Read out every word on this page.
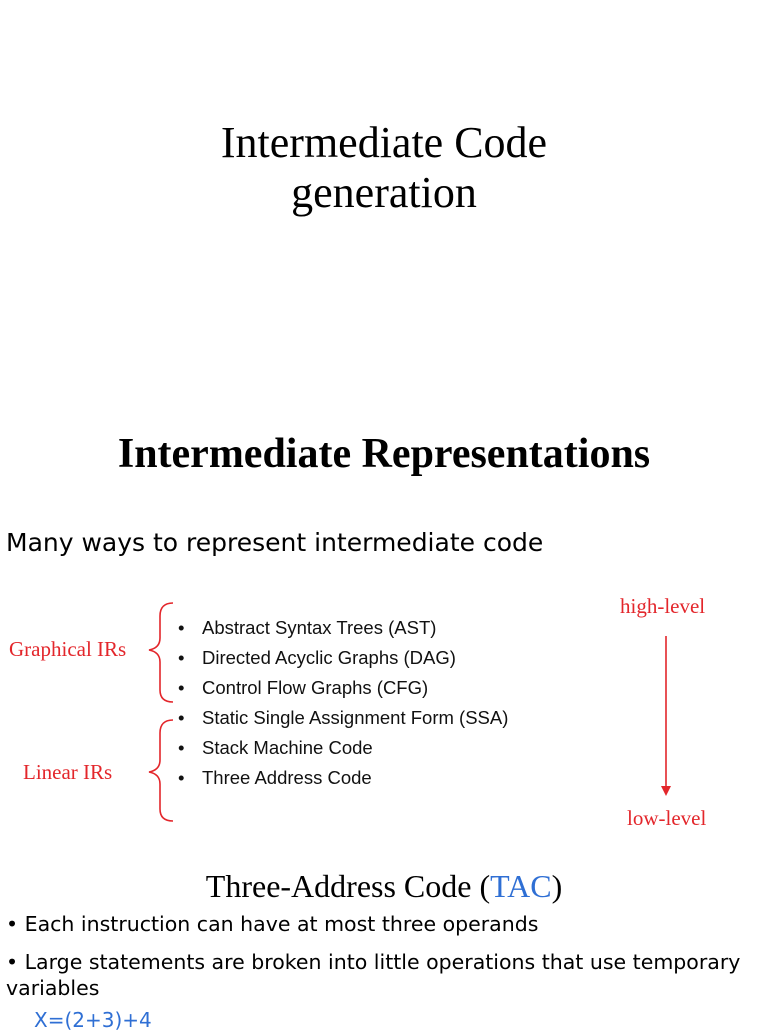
Intermediate Code
generation
Intermediate Representations
Many ways to represent intermediate code
Graphical IRs
Linear IRs
high-level
low-level
• Abstract Syntax Trees (AST)
• Directed Acyclic Graphs (DAG)
• Control Flow Graphs (CFG)
• Static Single Assignment Form (SSA)
• Stack Machine Code
• Three Address Code
Three-Address Code (TAC)
• Each instruction can have at most three operands
• Large statements are broken into little operations that use temporary
variables
X=(2+3)+4
